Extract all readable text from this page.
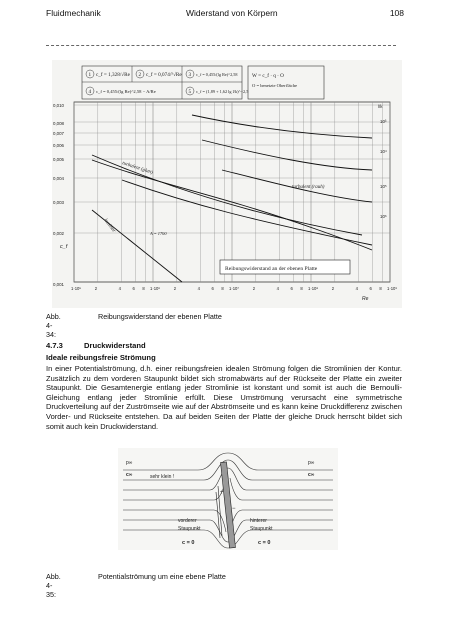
Fluidmechanik	Widerstand von Körpern	108
1 c_f = 1,328/√Re 2 c_f = 0,074/⁵√Re 3 c_f = 0,455/(lg Re)^2,58
4 c_f = 0,455/(lg Re)^2,58 − A/Re	5 c_f = (1,89 + 1,62 lg l/k)^−2,5
W = c_f · q · O
O = benetzte Oberfläche
0,010
0,008
0,007
0,006
0,005
0,004
0,003
0,002
0,001
c_f
Re
l/k
10³
10⁴
10⁵
10⁶
1·10⁵	2	4	6 8 1·10⁶	2	4	6 8 1·10⁷	2	4	6 8 1·10⁸	2	4	6 8 1·10⁹
turbulent (glatt)
turbulent (rauh)
laminar	A = 1700
Reibungswiderstand an der ebenen Platte
Abb. 4-34:
Reibungswiderstand der ebenen Platte
4.7.3	Druckwiderstand
Ideale reibungsfreie Strömung
In einer Potentialströmung, d.h. einer reibungsfreien idealen Strömung folgen die Stromlinien der Kontur. Zusätzlich zu dem vorderen Staupunkt bildet sich stromabwärts auf der Rückseite der Platte ein zweiter Staupunkt. Die Gesamtenergie entlang jeder Stromlinie ist konstant und somit ist auch die Bernoulli-Gleichung entlang jeder Stromlinie erfüllt. Diese Umströmung verursacht eine symmetrische Druckverteilung auf der Zuströmseite wie auf der Abströmseite und es kann keine Druckdifferenz zwischen Vorder- und Rückseite entstehen. Da auf beiden Seiten der Platte der gleiche Druck herrscht bildet sich somit auch kein Druckwiderstand.
p∞
c∞
p∞
c∞
sehr klein !
vorderer
Staupunkt
hinterer
Staupunkt
c = 0	c = 0
+
−
Abb. 4-35:
Potentialströmung um eine ebene Platte
